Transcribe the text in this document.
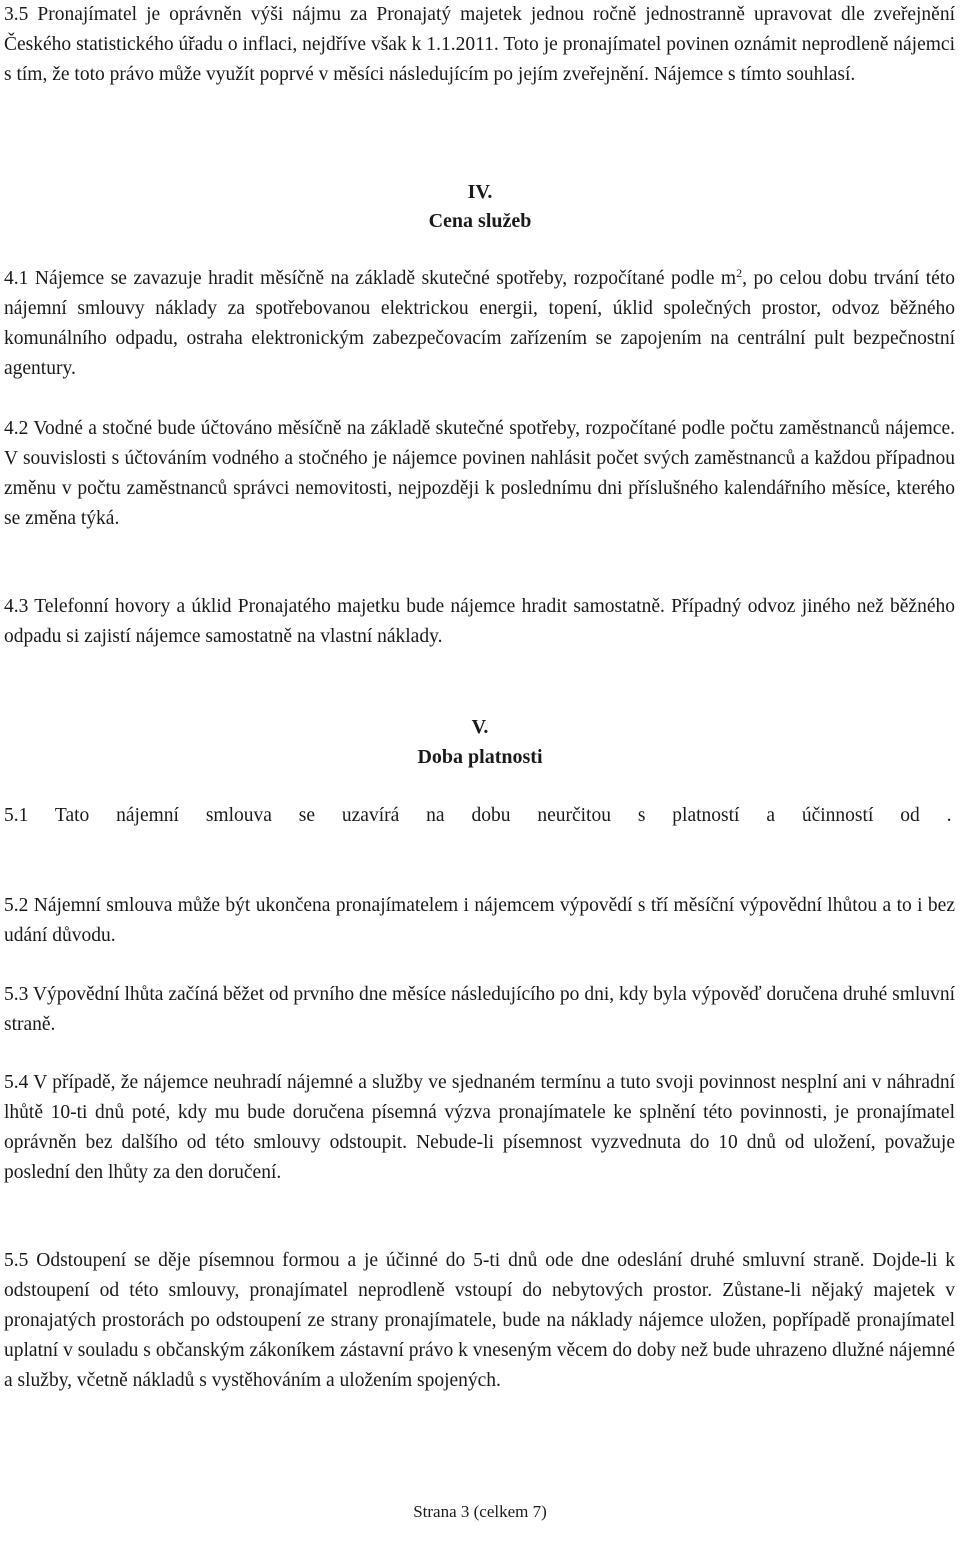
3.5 Pronajímatel je oprávněn výši nájmu za Pronajatý majetek jednou ročně jednostranně upravovat dle zveřejnění Českého statistického úřadu o inflaci, nejdříve však k 1.1.2011. Toto je pronajímatel povinen oznámit neprodleně nájemci s tím, že toto právo může využít poprvé v měsíci následujícím po jejím zveřejnění. Nájemce s tímto souhlasí.

IV.

Cena služeb

4.1 Nájemce se zavazuje hradit měsíčně na základě skutečné spotřeby, rozpočítané podle $m^2$, po celou dobu trvání této nájemní smlouvy náklady za spotřebovanou elektrickou energii, topení, úklid společných prostor, odvoz běžného komunálního odpadu, ostraha elektronickým zabezpečovacím zařízením se zapojením na centrální pult bezpečnostní agentury.

4.2 Vodné a stočné bude účtováno měsíčně na základě skutečné spotřeby, rozpočítané podle počtu zaměstnanců nájemce. V souvislosti s účtováním vodného a stočného je nájemce povinen nahlásit počet svých zaměstnanců a každou případnou změnu v počtu zaměstnanců správci nemovitosti, nejpozději k poslednímu dni příslušného kalendářního měsíce, kterého se změna týká.

4.3 Telefonní hovory a úklid Pronajatého majetku bude nájemce hradit samostatně. Případný odvoz jiného než běžného odpadu si zajistí nájemce samostatně na vlastní náklady.

V.

Doba platnosti

5.1 Tato nájemní smlouva se uzavírá na dobu neurčitou s platností a účinností od .

5.2 Nájemní smlouva může být ukončena pronajímatelem i nájemcem výpovědí s tří měsíční výpovědní lhůtou a to i bez udání důvodu.

5.3 Výpovědní lhůta začíná běžet od prvního dne měsíce následujícího po dni, kdy byla výpověď doručena druhé smluvní straně.

5.4 V případě, že nájemce neuhradí nájemné a služby ve sjednaném termínu a tuto svoji povinnost nesplní ani v náhradní lhůtě 10-ti dnů poté, kdy mu bude doručena písemná výzva pronajímatele ke splnění této povinnosti, je pronajímatel oprávněn bez dalšího od této smlouvy odstoupit. Nebude-li písemnost vyzvednuta do 10 dnů od uložení, považuje poslední den lhůty za den doručení.

5.5 Odstoupení se děje písemnou formou a je účinné do 5-ti dnů ode dne odeslání druhé smluvní straně. Dojde-li k odstoupení od této smlouvy, pronajímatel neprodleně vstoupí do nebytových prostor. Zůstane-li nějaký majetek v pronajatých prostorách po odstoupení ze strany pronajímatele, bude na náklady nájemce uložen, popřípadě pronajímatel uplatní v souladu s občanským zákoníkem zástavní právo k vneseným věcem do doby než bude uhrazeno dlužné nájemné a služby, včetně nákladů s vystěhováním a uložením spojených.

Strana 3 (celkem 7)
